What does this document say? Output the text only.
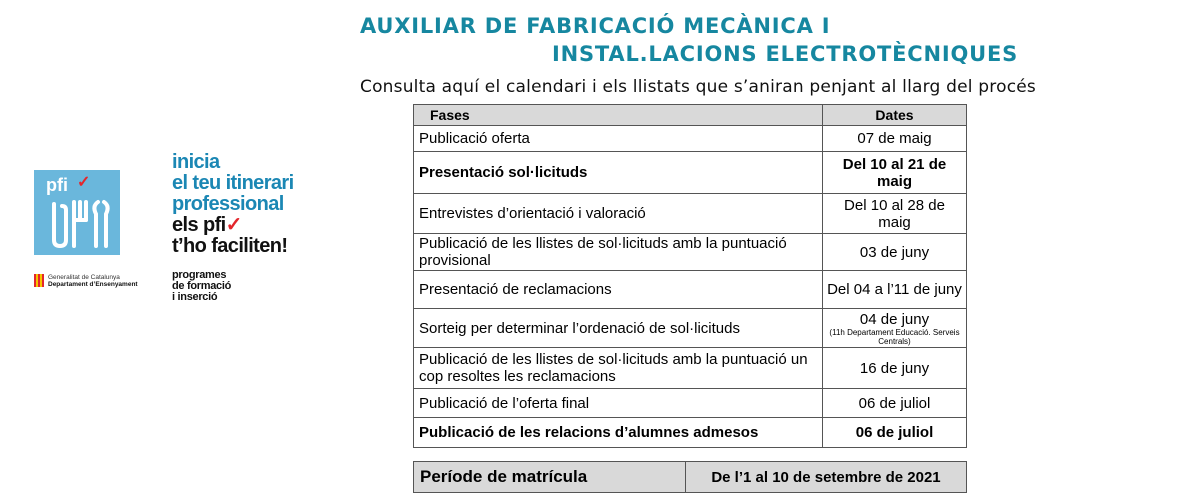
AUXILIAR DE FABRICACIÓ MECÀNICA I
INSTAL.LACIONS ELECTROTÈCNIQUES
Consulta aquí el calendari i els llistats que s’aniran penjant al llarg del procés
pfi ✓
inicia
el teu itinerari
professional
els pfi✓
t’ho faciliten!
Generalitat de Catalunya
Departament d’Ensenyament
programes
de formació
i inserció
Fases	Dates
Publicació oferta	07 de maig
Presentació sol·licituds	Del 10 al 21 de maig
Entrevistes d’orientació i valoració	Del 10 al 28 de maig
Publicació de les llistes de sol·licituds amb la puntuació provisional	03 de juny
Presentació de reclamacions	Del 04 a l’11 de juny
Sorteig per determinar l’ordenació de sol·licituds	04 de juny
(11h Departament Educació. Serveis Centrals)

Publicació de les llistes de sol·licituds amb la puntuació un cop resoltes les reclamacions	16 de juny
Publicació de l’oferta final	06 de juliol
Publicació de les relacions d’alumnes admesos	06 de juliol
Període de matrícula	De l’1 al 10 de setembre de 2021
